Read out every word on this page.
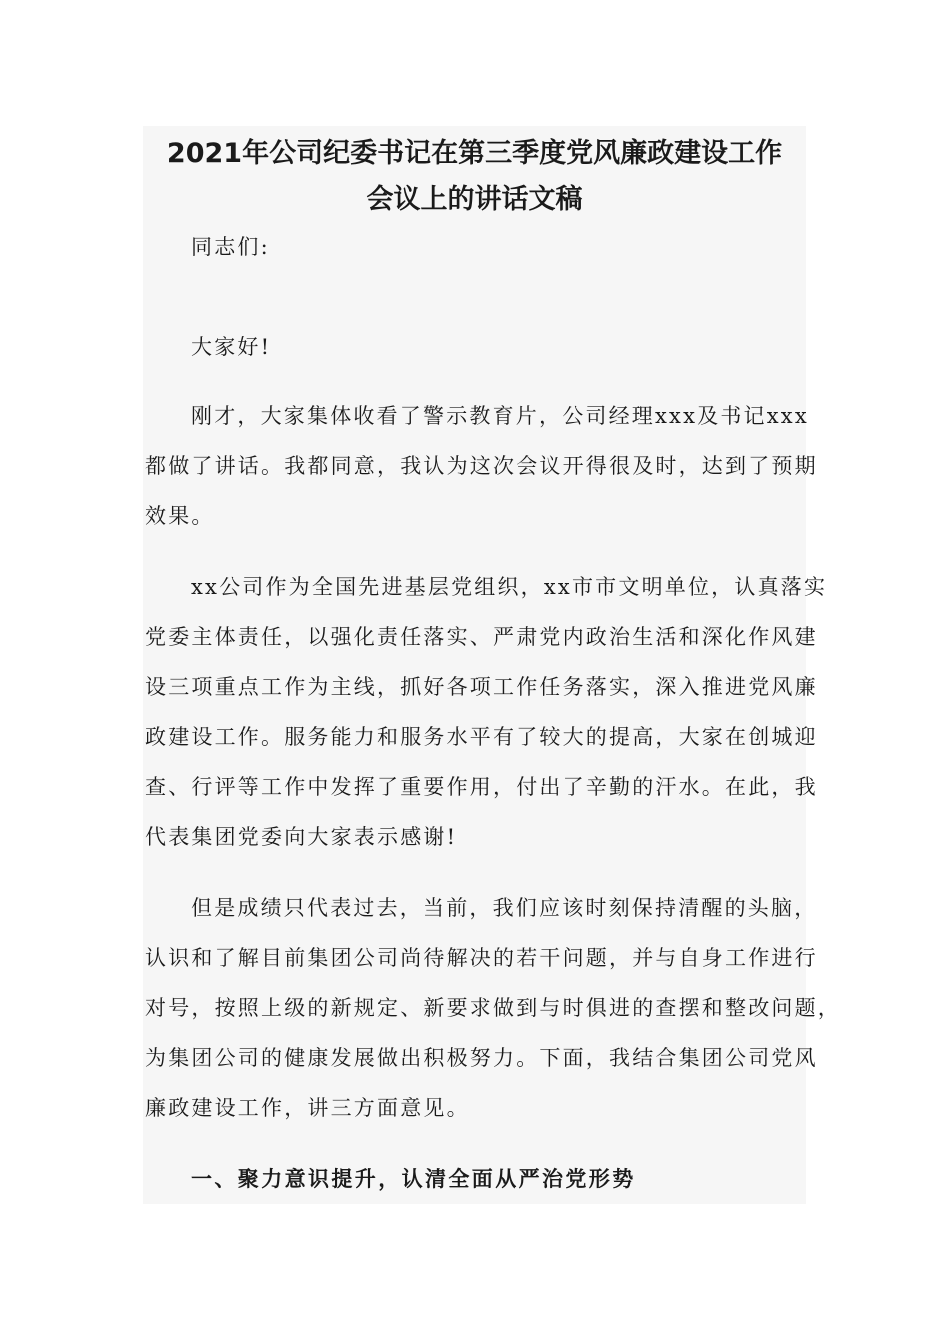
2021年公司纪委书记在第三季度党风廉政建设工作
会议上的讲话文稿
同志们:
大家好!
刚才，大家集体收看了警示教育片，公司经理xxx及书记xxx
都做了讲话。我都同意，我认为这次会议开得很及时，达到了预期
效果。
xx公司作为全国先进基层党组织，xx市市文明单位，认真落实
党委主体责任，以强化责任落实、严肃党内政治生活和深化作风建
设三项重点工作为主线，抓好各项工作任务落实，深入推进党风廉
政建设工作。服务能力和服务水平有了较大的提高，大家在创城迎
查、行评等工作中发挥了重要作用，付出了辛勤的汗水。在此，我
代表集团党委向大家表示感谢!
但是成绩只代表过去，当前，我们应该时刻保持清醒的头脑，
认识和了解目前集团公司尚待解决的若干问题，并与自身工作进行
对号，按照上级的新规定、新要求做到与时俱进的查摆和整改问题，
为集团公司的健康发展做出积极努力。下面，我结合集团公司党风
廉政建设工作，讲三方面意见。
一、聚力意识提升，认清全面从严治党形势
